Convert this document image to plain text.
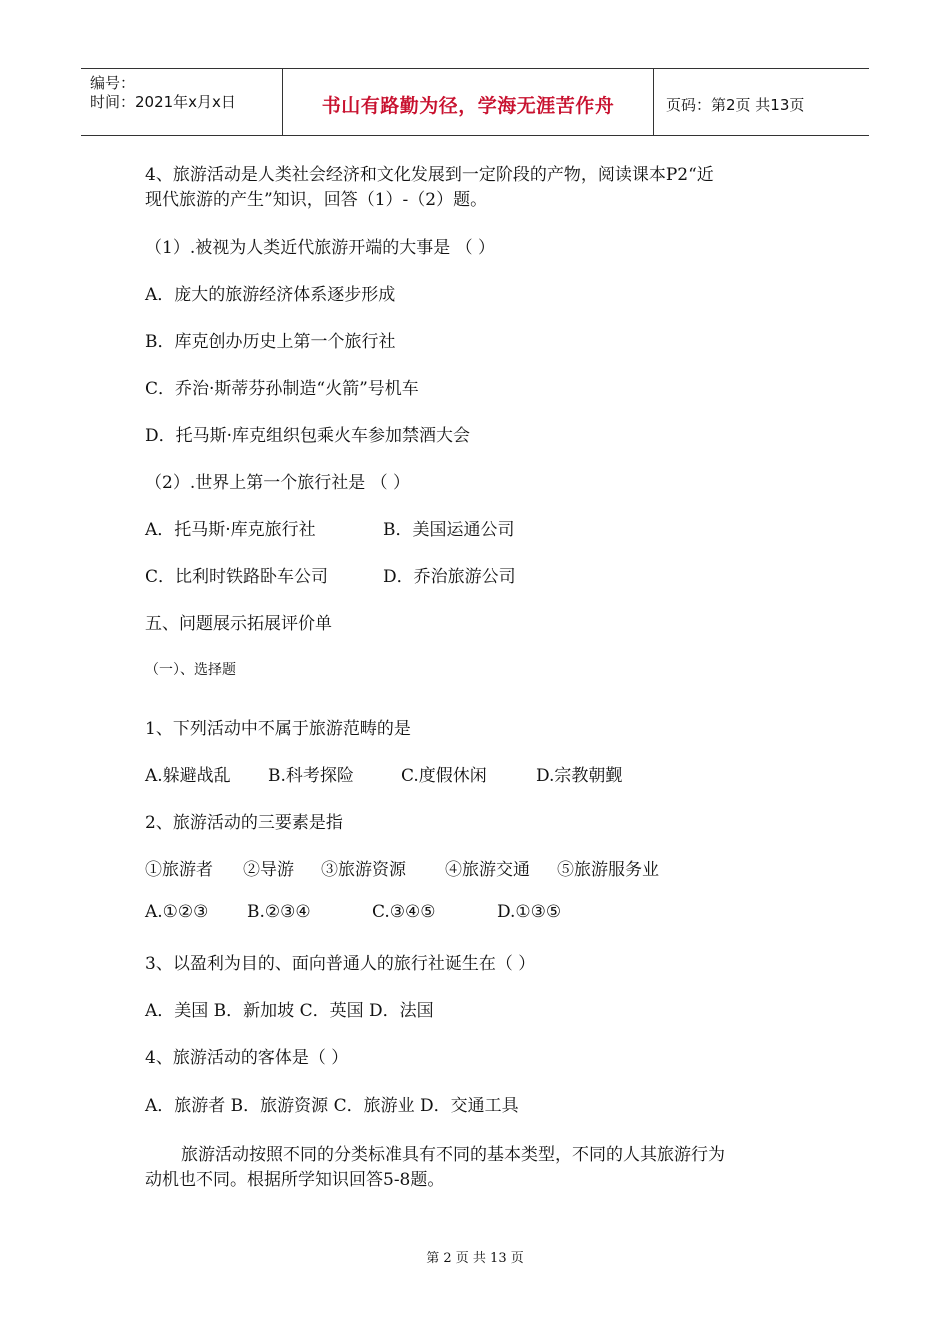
编号：
时间：2021年x月x日	书山有路勤为径，学海无涯苦作舟	页码：第2页 共13页
4、旅游活动是人类社会经济和文化发展到一定阶段的产物，阅读课本P2“近
现代旅游的产生”知识，回答（1）-（2）题。
（1）.被视为人类近代旅游开端的大事是 （ ）
A．庞大的旅游经济体系逐步形成
B．库克创办历史上第一个旅行社
C．乔治·斯蒂芬孙制造“火箭”号机车
D．托马斯·库克组织包乘火车参加禁酒大会
（2）.世界上第一个旅行社是 （ ）
A．托马斯·库克旅行社	B．美国运通公司
C．比利时铁路卧车公司	D．乔治旅游公司
五、问题展示拓展评价单
（一）、选择题
1、下列活动中不属于旅游范畴的是
A.躲避战乱 B.科考探险	C.度假休闲	D.宗教朝觐
2、旅游活动的三要素是指
①旅游者 ②导游 ③旅游资源 ④旅游交通 ⑤旅游服务业
A.①②③ B.②③④	C.③④⑤	D.①③⑤
3、以盈利为目的、面向普通人的旅行社诞生在（ ）
A．美国 B．新加坡 C．英国 D．法国
4、旅游活动的客体是（ ）
A．旅游者 B．旅游资源 C．旅游业 D．交通工具
旅游活动按照不同的分类标准具有不同的基本类型，不同的人其旅游行为
动机也不同。根据所学知识回答5-8题。
第 2 页 共 13 页
